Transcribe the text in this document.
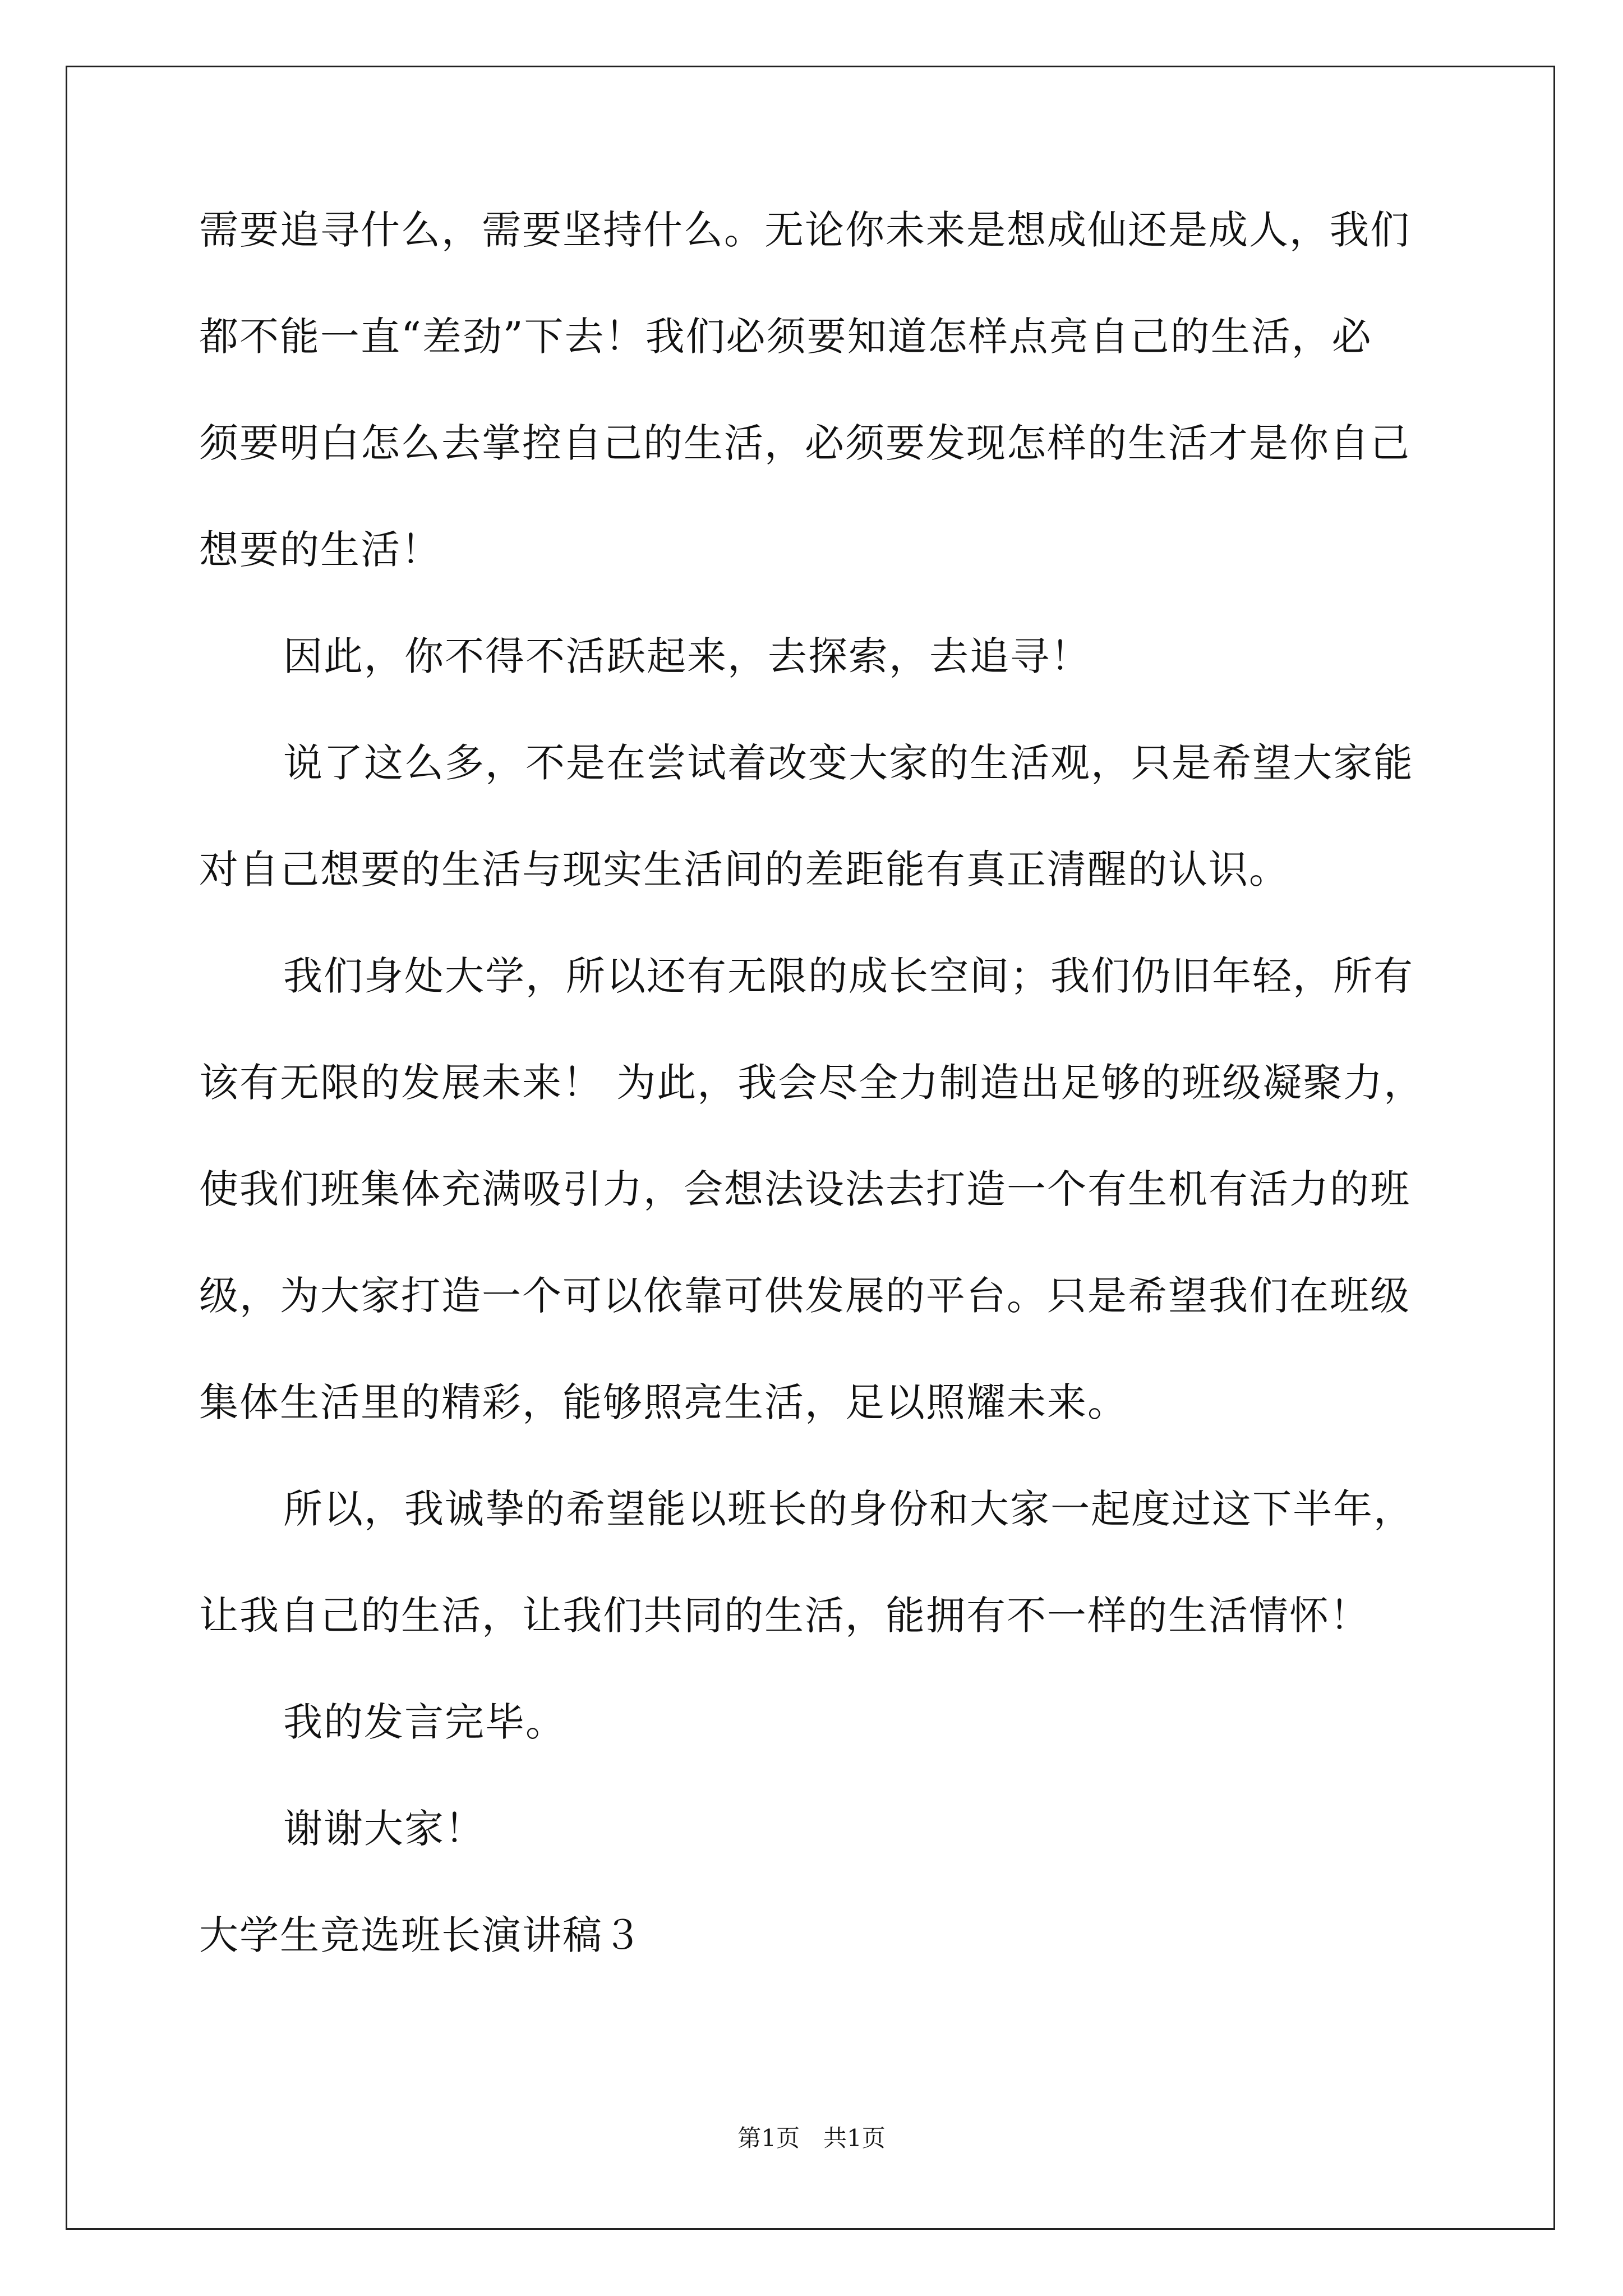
需要追寻什么，需要坚持什么。无论你未来是想成仙还是成人，我们
都不能一直“差劲”下去！我们必须要知道怎样点亮自己的生活，必
须要明白怎么去掌控自己的生活，必须要发现怎样的生活才是你自己
想要的生活！
因此，你不得不活跃起来，去探索，去追寻！
说了这么多，不是在尝试着改变大家的生活观，只是希望大家能
对自己想要的生活与现实生活间的差距能有真正清醒的认识。
我们身处大学，所以还有无限的成长空间；我们仍旧年轻，所有
该有无限的发展未来！ 为此，我会尽全力制造出足够的班级凝聚力，
使我们班集体充满吸引力，会想法设法去打造一个有生机有活力的班
级，为大家打造一个可以依靠可供发展的平台。只是希望我们在班级
集体生活里的精彩，能够照亮生活，足以照耀未来。
所以，我诚挚的希望能以班长的身份和大家一起度过这下半年，
让我自己的生活，让我们共同的生活，能拥有不一样的生活情怀！
我的发言完毕。
谢谢大家！
大学生竞选班长演讲稿３
第1页　共1页
